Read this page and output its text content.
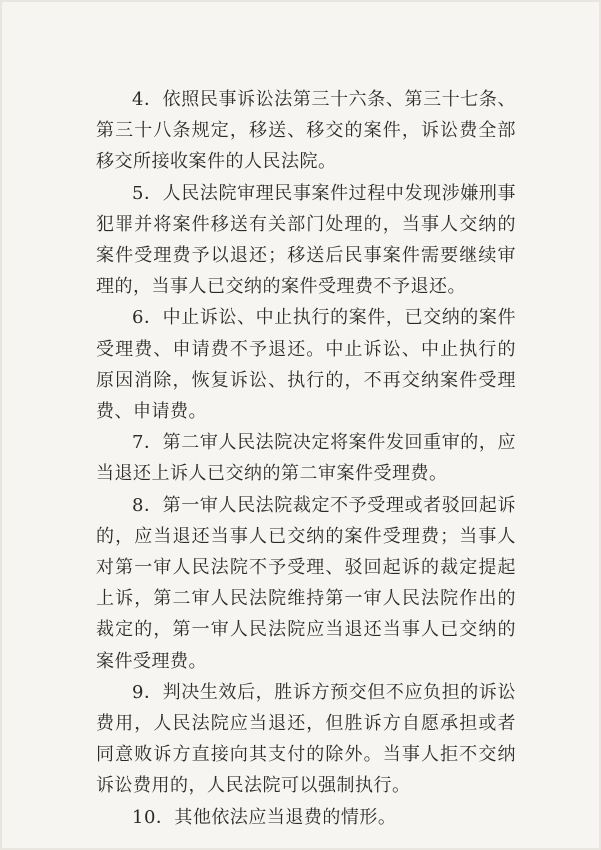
4．依照民事诉讼法第三十六条、第三十七条、第三十八条规定，移送、移交的案件，诉讼费全部移交所接收案件的人民法院。

5．人民法院审理民事案件过程中发现涉嫌刑事犯罪并将案件移送有关部门处理的，当事人交纳的案件受理费予以退还；移送后民事案件需要继续审理的，当事人已交纳的案件受理费不予退还。

6．中止诉讼、中止执行的案件，已交纳的案件受理费、申请费不予退还。中止诉讼、中止执行的原因消除，恢复诉讼、执行的，不再交纳案件受理费、申请费。

7．第二审人民法院决定将案件发回重审的，应当退还上诉人已交纳的第二审案件受理费。

8．第一审人民法院裁定不予受理或者驳回起诉的，应当退还当事人已交纳的案件受理费；当事人对第一审人民法院不予受理、驳回起诉的裁定提起上诉，第二审人民法院维持第一审人民法院作出的裁定的，第一审人民法院应当退还当事人已交纳的案件受理费。

9．判决生效后，胜诉方预交但不应负担的诉讼费用，人民法院应当退还，但胜诉方自愿承担或者同意败诉方直接向其支付的除外。当事人拒不交纳诉讼费用的，人民法院可以强制执行。

10．其他依法应当退费的情形。
